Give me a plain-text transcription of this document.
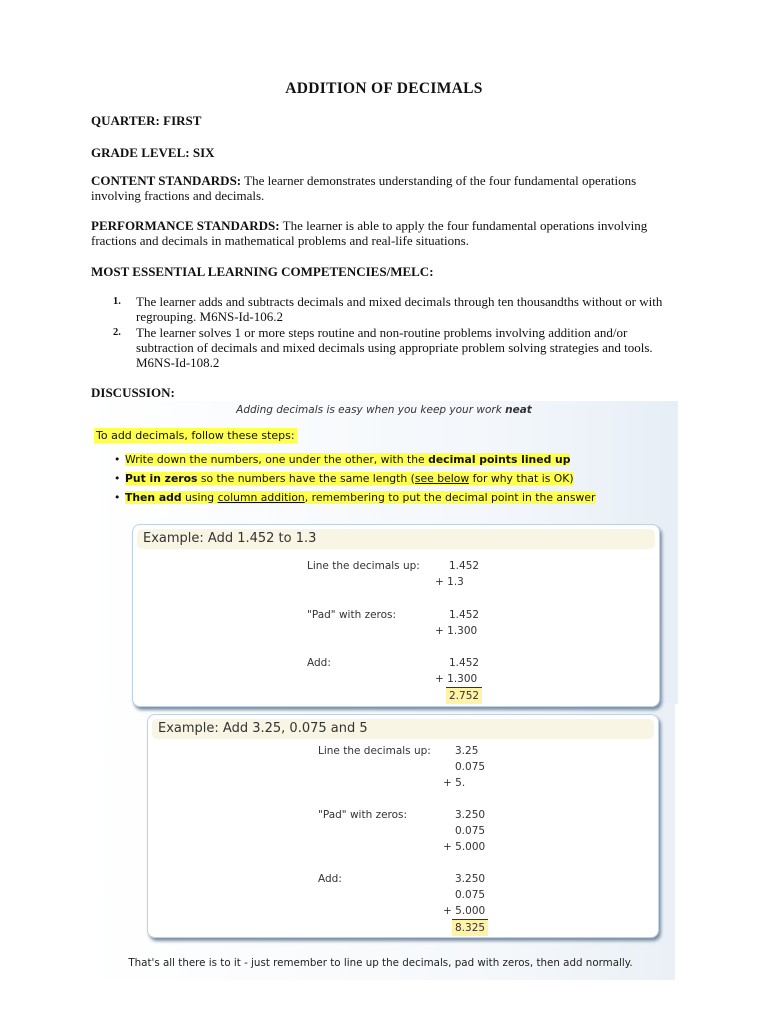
ADDITION OF DECIMALS
QUARTER: FIRST
GRADE LEVEL: SIX
CONTENT STANDARDS: The learner demonstrates understanding of the four fundamental operations involving fractions and decimals.
PERFORMANCE STANDARDS: The learner is able to apply the four fundamental operations involving fractions and decimals in mathematical problems and real-life situations.
MOST ESSENTIAL LEARNING COMPETENCIES/MELC:
1. The learner adds and subtracts decimals and mixed decimals through ten thousandths without or with regrouping. M6NS-Id-106.2
2. The learner solves 1 or more steps routine and non-routine problems involving addition and/or subtraction of decimals and mixed decimals using appropriate problem solving strategies and tools. M6NS-Id-108.2
DISCUSSION:
Adding decimals is easy when you keep your work neat
To add decimals, follow these steps:
• Write down the numbers, one under the other, with the decimal points lined up
• Put in zeros so the numbers have the same length (see below for why that is OK)
• Then add using column addition, remembering to put the decimal point in the answer
Example: Add 1.452 to 1.3
Line the decimals up:	1.452
+ 1.3
"Pad" with zeros:	1.452
+ 1.300
Add:	1.452
+ 1.300
2.752
Example: Add 3.25, 0.075 and 5
Line the decimals up: 3.25
0.075
+ 5.
"Pad" with zeros:	3.250
0.075
+ 5.000
Add:	3.250
0.075
+ 5.000
8.325
That's all there is to it - just remember to line up the decimals, pad with zeros, then add normally.
